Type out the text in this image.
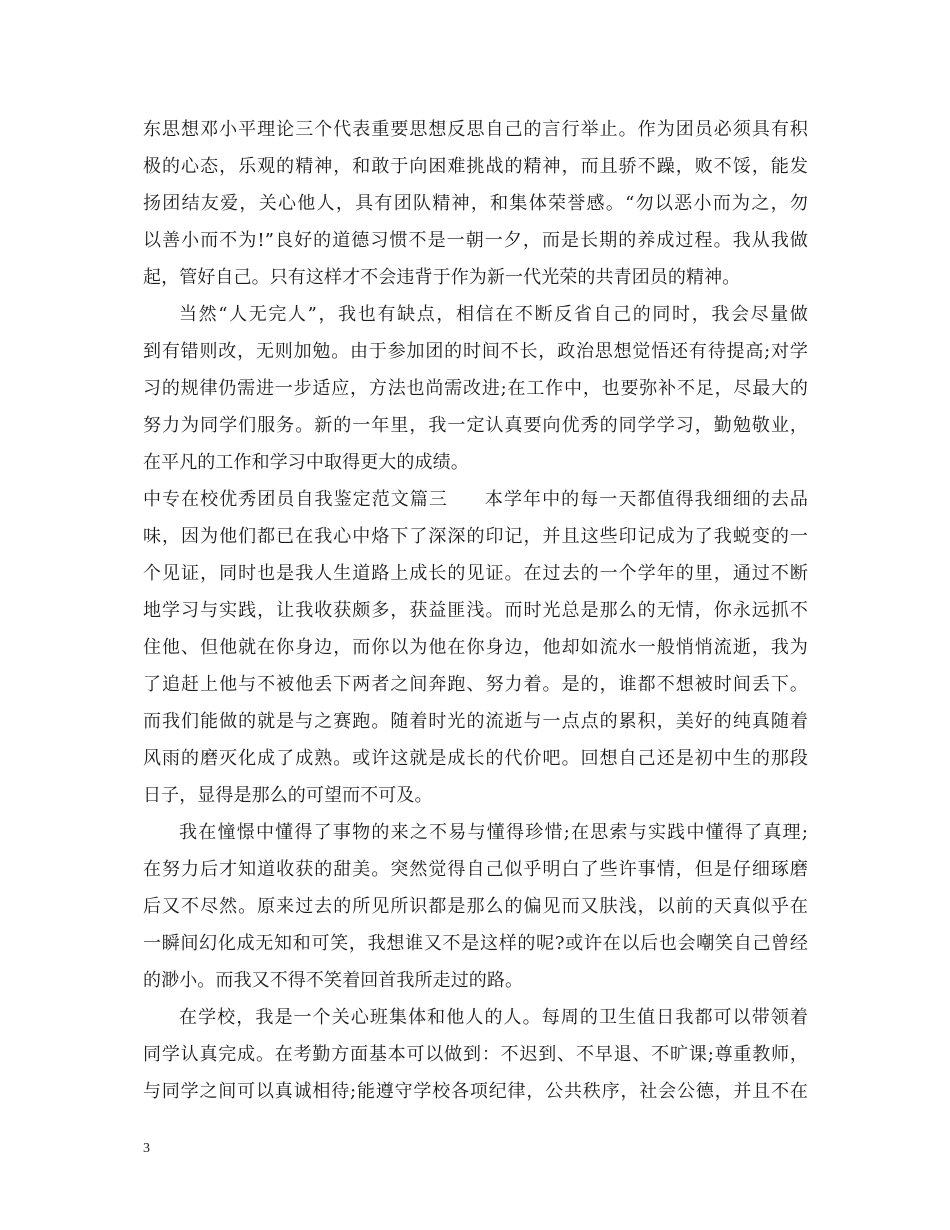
东思想邓小平理论三个代表重要思想反思自己的言行举止。作为团员必须具有积
极的心态，乐观的精神，和敢于向困难挑战的精神，而且骄不躁，败不馁，能发
扬团结友爱，关心他人，具有团队精神，和集体荣誉感。“勿以恶小而为之，勿
以善小而不为!”良好的道德习惯不是一朝一夕，而是长期的养成过程。我从我做
起，管好自己。只有这样才不会违背于作为新一代光荣的共青团员的精神。
当然“人无完人”，我也有缺点，相信在不断反省自己的同时，我会尽量做
到有错则改，无则加勉。由于参加团的时间不长，政治思想觉悟还有待提高;对学
习的规律仍需进一步适应，方法也尚需改进;在工作中，也要弥补不足，尽最大的
努力为同学们服务。新的一年里，我一定认真要向优秀的同学学习，勤勉敬业，
在平凡的工作和学习中取得更大的成绩。
中专在校优秀团员自我鉴定范文篇三 本学年中的每一天都值得我细细的去品
味，因为他们都已在我心中烙下了深深的印记，并且这些印记成为了我蜕变的一
个见证，同时也是我人生道路上成长的见证。在过去的一个学年的里，通过不断
地学习与实践，让我收获颇多，获益匪浅。而时光总是那么的无情，你永远抓不
住他、但他就在你身边，而你以为他在你身边，他却如流水一般悄悄流逝，我为
了追赶上他与不被他丢下两者之间奔跑、努力着。是的，谁都不想被时间丢下。
而我们能做的就是与之赛跑。随着时光的流逝与一点点的累积，美好的纯真随着
风雨的磨灭化成了成熟。或许这就是成长的代价吧。回想自己还是初中生的那段
日子，显得是那么的可望而不可及。
我在憧憬中懂得了事物的来之不易与懂得珍惜;在思索与实践中懂得了真理;
在努力后才知道收获的甜美。突然觉得自己似乎明白了些许事情，但是仔细琢磨
后又不尽然。原来过去的所见所识都是那么的偏见而又肤浅，以前的天真似乎在
一瞬间幻化成无知和可笑，我想谁又不是这样的呢?或许在以后也会嘲笑自己曾经
的渺小。而我又不得不笑着回首我所走过的路。
在学校，我是一个关心班集体和他人的人。每周的卫生值日我都可以带领着
同学认真完成。在考勤方面基本可以做到：不迟到、不早退、不旷课;尊重教师，
与同学之间可以真诚相待;能遵守学校各项纪律，公共秩序，社会公德，并且不在
3
